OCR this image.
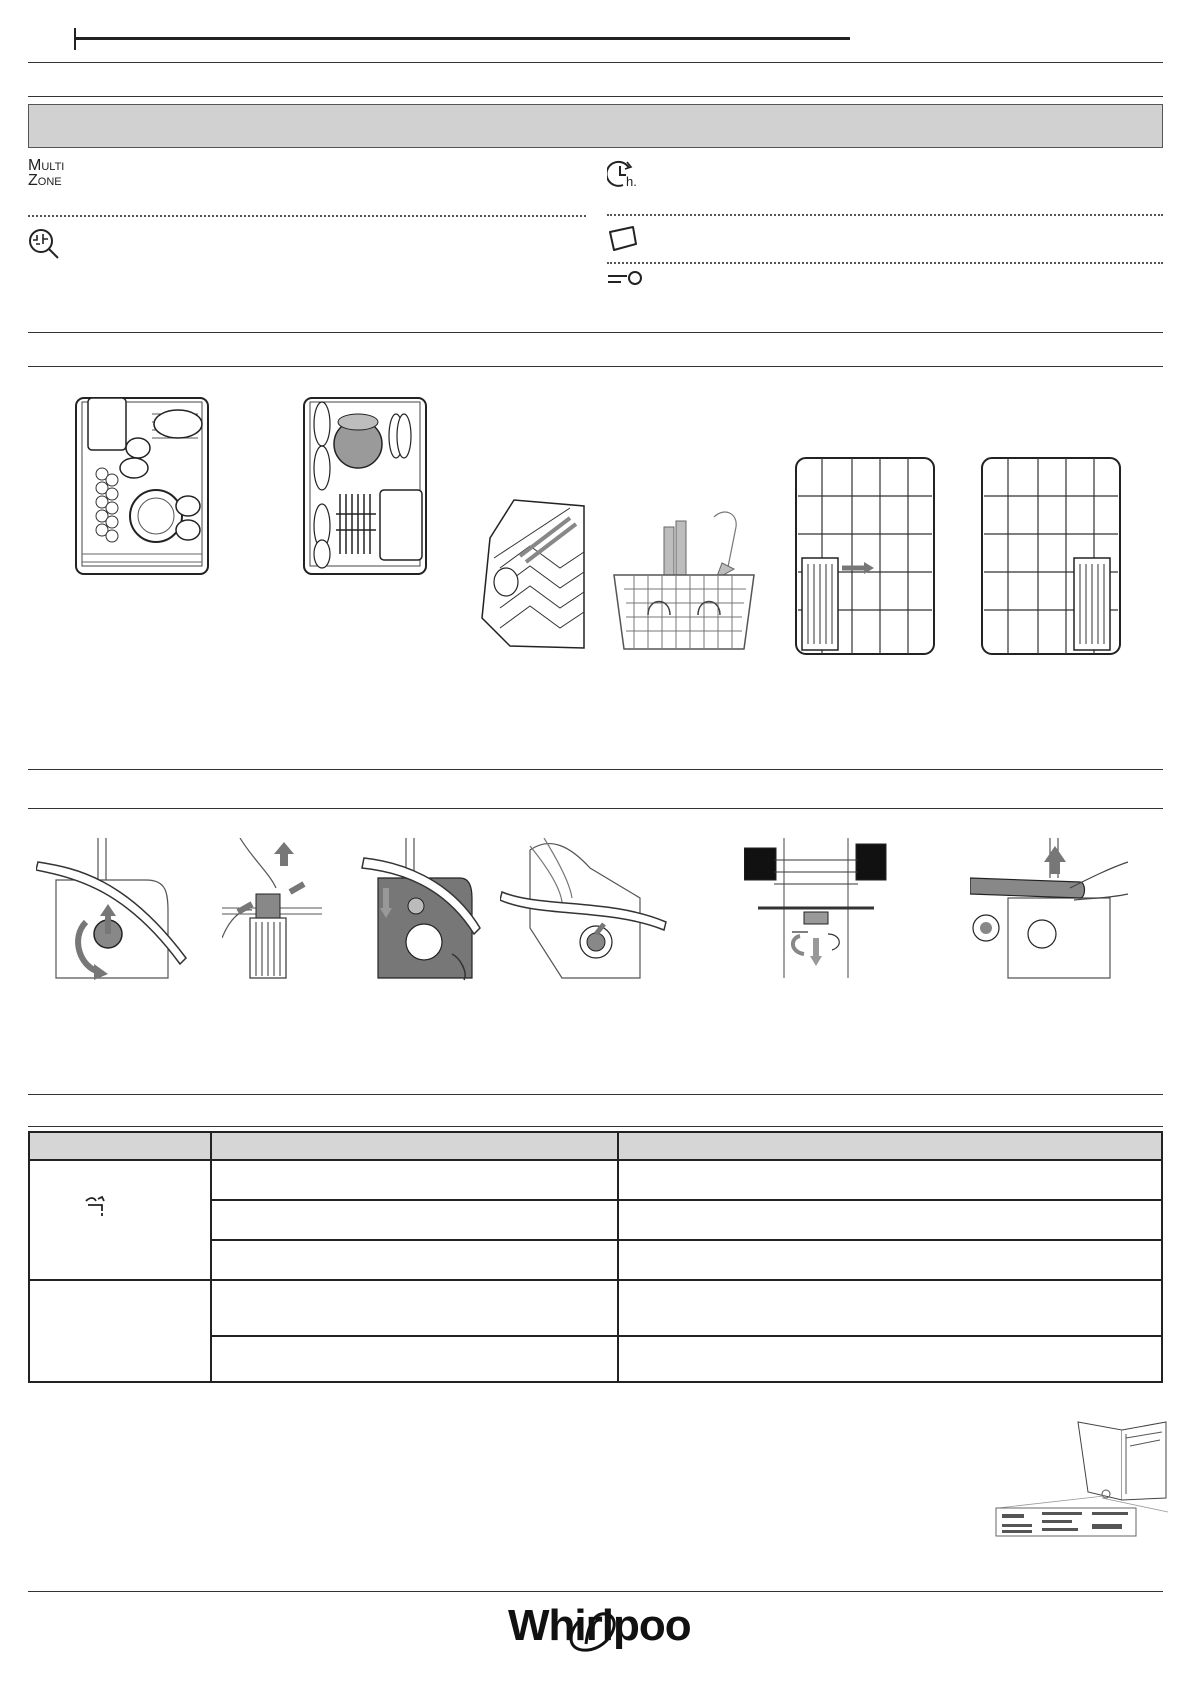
Multi
Zone	h.

Whirlpool
